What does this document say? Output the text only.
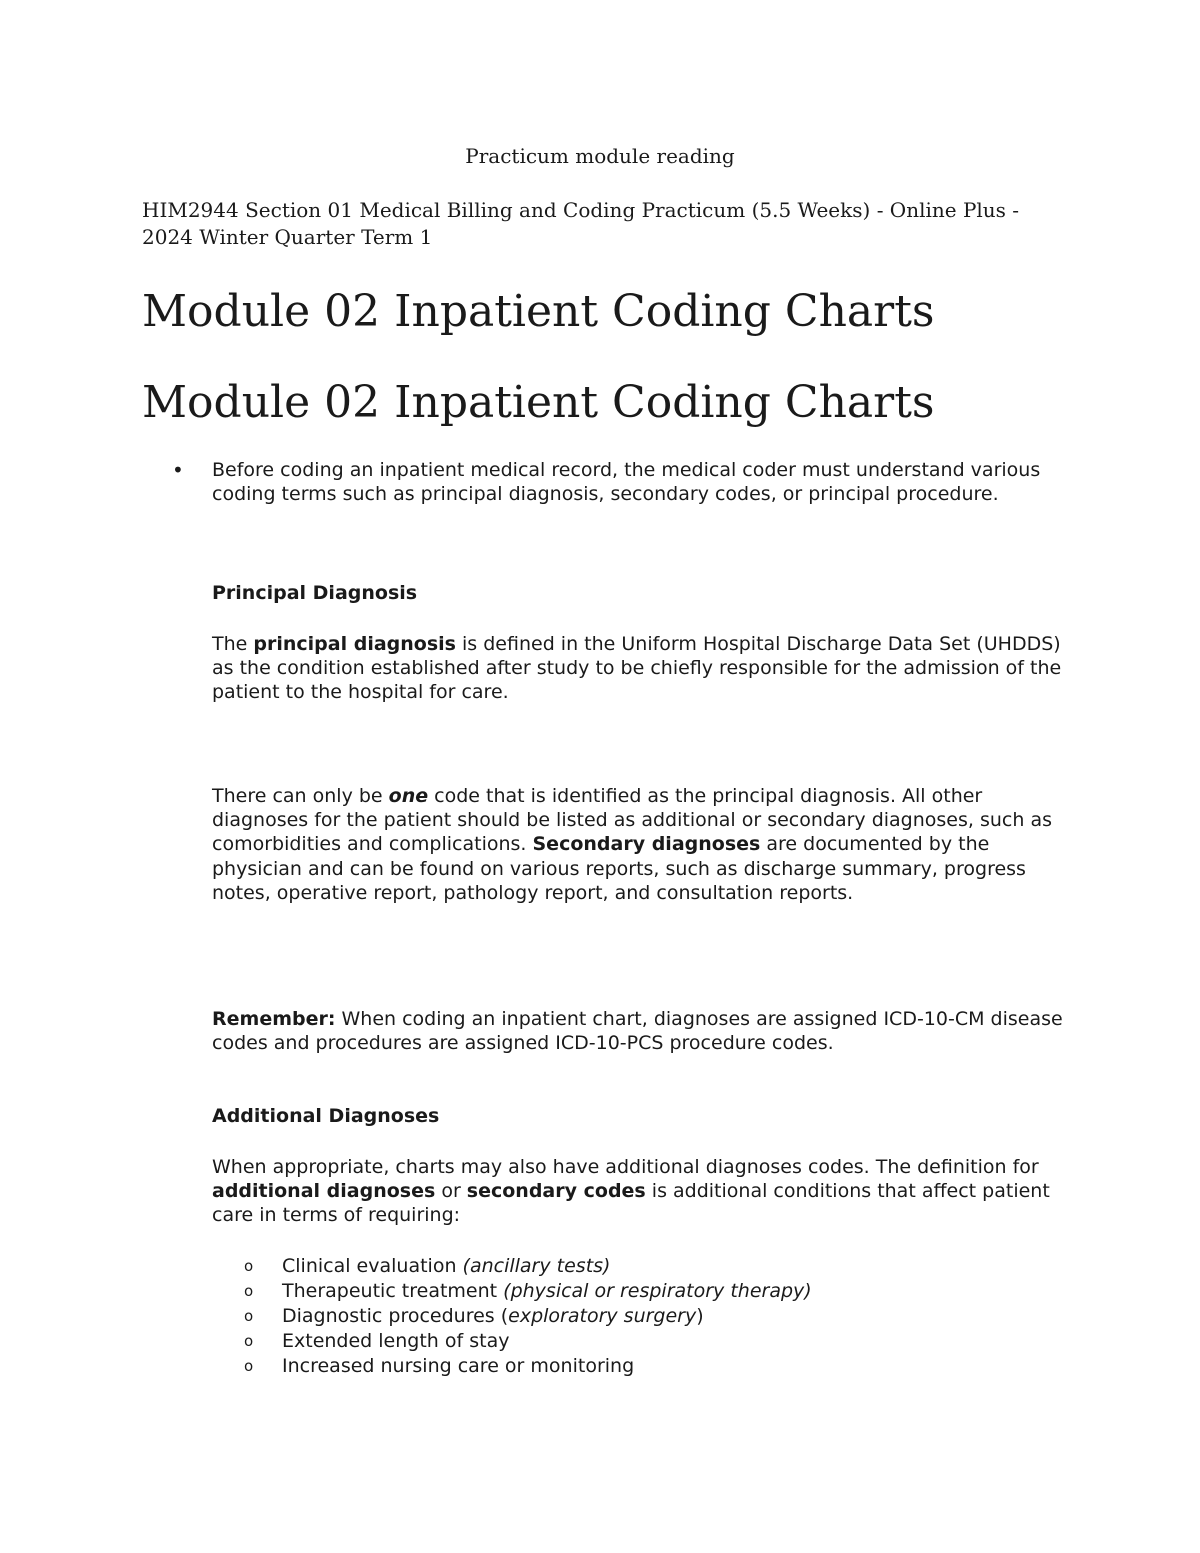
Practicum module reading
HIM2944 Section 01 Medical Billing and Coding Practicum (5.5 Weeks) - Online Plus - 2024 Winter Quarter Term 1
Module 02 Inpatient Coding Charts
Module 02 Inpatient Coding Charts
• Before coding an inpatient medical record, the medical coder must understand various coding terms such as principal diagnosis, secondary codes, or principal procedure.
Principal Diagnosis
The principal diagnosis is defined in the Uniform Hospital Discharge Data Set (UHDDS) as the condition established after study to be chiefly responsible for the admission of the patient to the hospital for care.
There can only be one code that is identified as the principal diagnosis. All other diagnoses for the patient should be listed as additional or secondary diagnoses, such as comorbidities and complications. Secondary diagnoses are documented by the physician and can be found on various reports, such as discharge summary, progress notes, operative report, pathology report, and consultation reports.
Remember: When coding an inpatient chart, diagnoses are assigned ICD-10-CM disease codes and procedures are assigned ICD-10-PCS procedure codes.
Additional Diagnoses
When appropriate, charts may also have additional diagnoses codes. The definition for additional diagnoses or secondary codes is additional conditions that affect patient care in terms of requiring:
o Clinical evaluation (ancillary tests)
o Therapeutic treatment (physical or respiratory therapy)
o Diagnostic procedures (exploratory surgery)
o Extended length of stay
o Increased nursing care or monitoring
